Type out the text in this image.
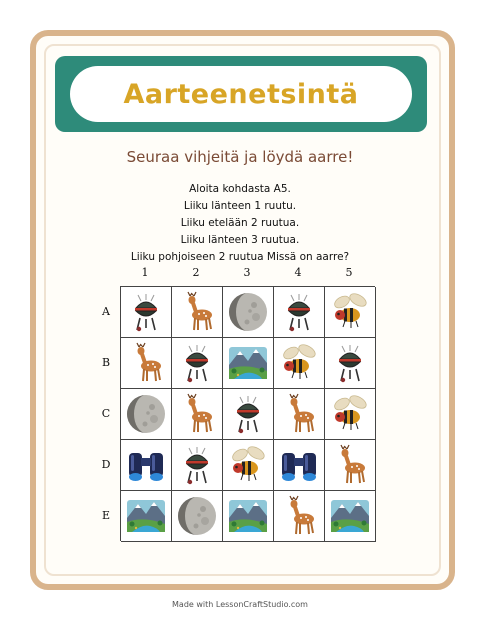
Aarteenetsintä
Seuraa vihjeitä ja löydä aarre!
Aloita kohdasta A5.
Liiku länteen 1 ruutu.
Liiku etelään 2 ruutua.
Liiku länteen 3 ruutua.
Liiku pohjoiseen 2 ruutua Missä on aarre?
1	2	3	4	5
A
B
C
D
E
Made with LessonCraftStudio.com
